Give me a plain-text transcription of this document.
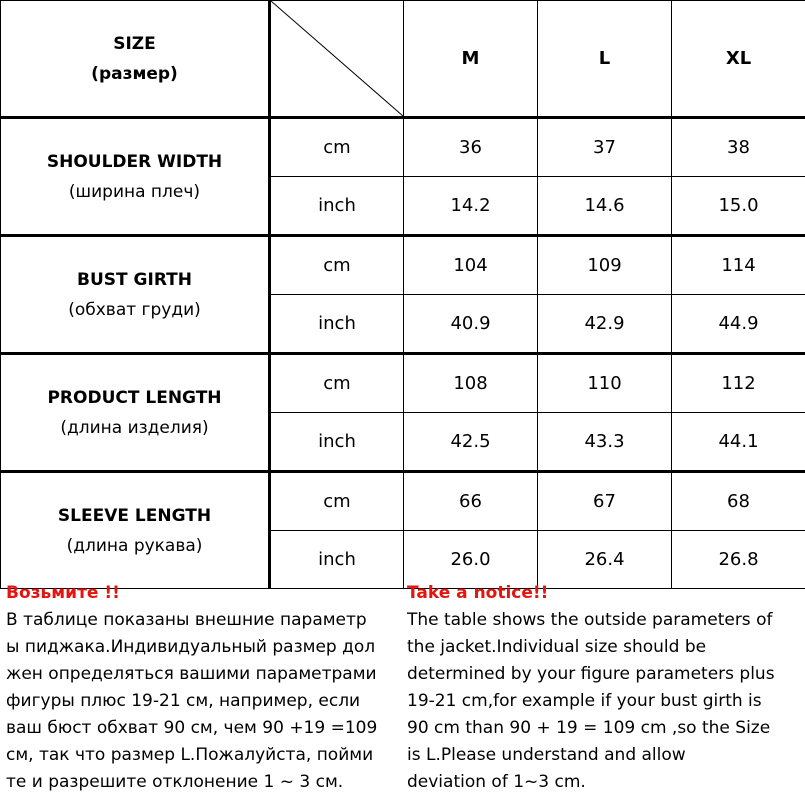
SIZE
(размер)		M	L	XL
SHOULDER WIDTH
(ширина плеч)	cm	36	37	38
	inch	14.2	14.6	15.0
BUST GIRTH
(обхват груди)	cm	104	109	114
	inch	40.9	42.9	44.9
PRODUCT LENGTH
(длина изделия)	cm	108	110	112
	inch	42.5	43.3	44.1
SLEEVE LENGTH
(длина рукава)	cm	66	67	68
	inch	26.0	26.4	26.8
Возьмите !!
В таблице показаны внешние параметр
ы пиджака.Индивидуальный размер дол
жен определяться вашими параметрами
фигуры плюс 19-21 см, например, если
ваш бюст обхват 90 см, чем 90 +19 =109
см, так что размер L.Пожалуйста, пойми
те и разрешите отклонение 1 ~ 3 см.
Take a notice!!
The table shows the outside parameters of
the jacket.Individual size should be
determined by your figure parameters plus
19-21 cm,for example if your bust girth is
90 cm than 90 + 19 = 109 cm ,so the Size
is L.Please understand and allow
deviation of 1~3 cm.
